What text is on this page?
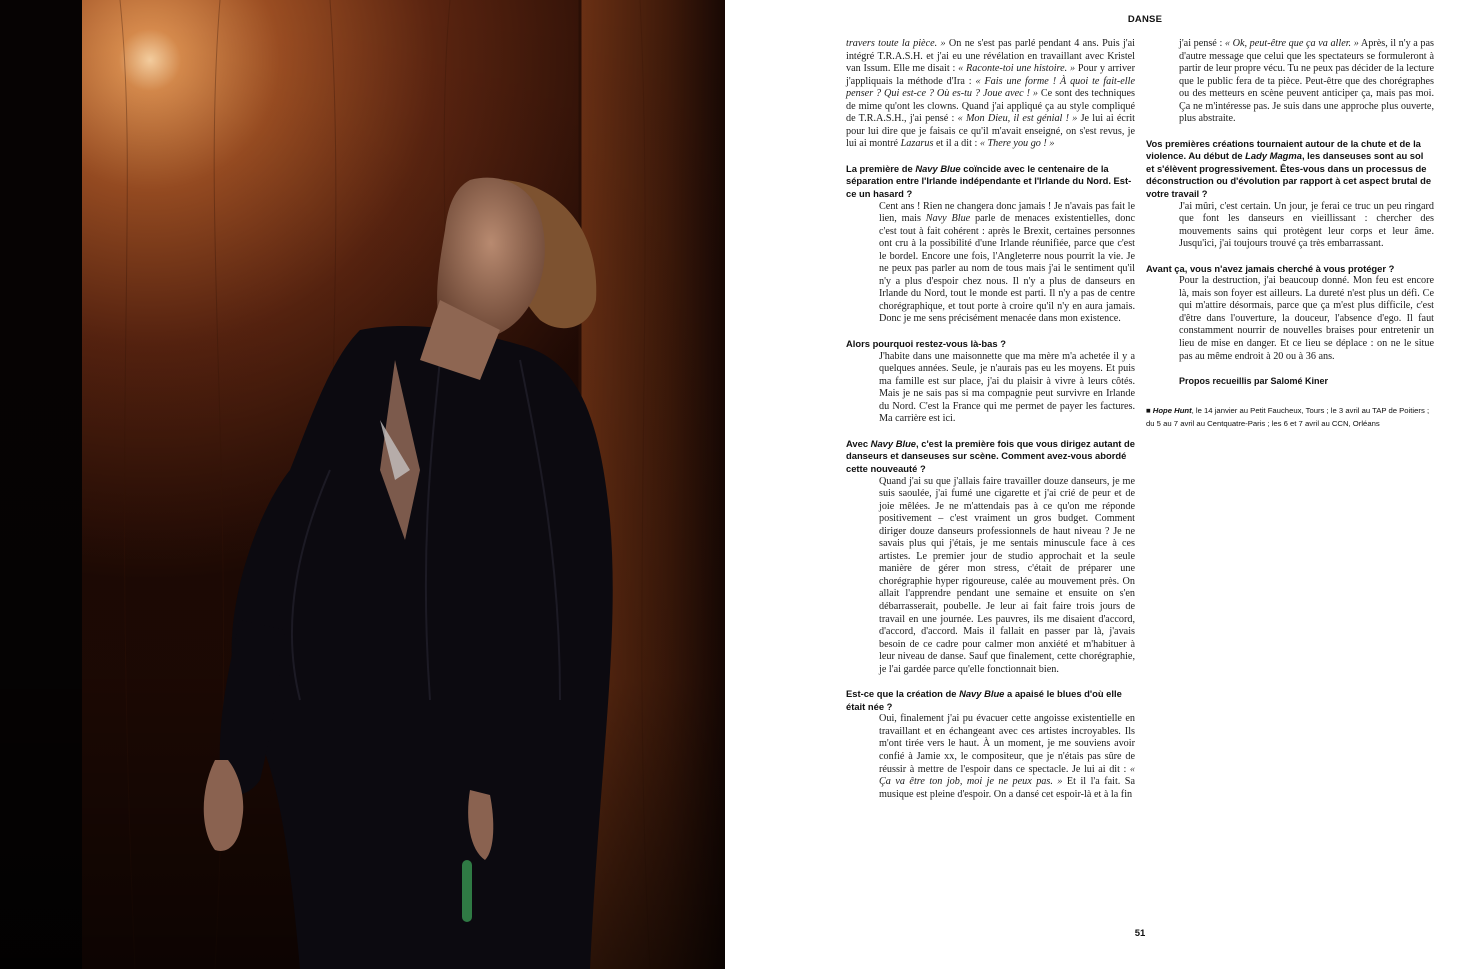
DANSE

travers toute la pièce. » On ne s'est pas parlé pendant 4 ans. Puis j'ai intégré T.R.A.S.H. et j'ai eu une révélation en travaillant avec Kristel van Issum. Elle me disait : « Raconte-toi une histoire. » Pour y arriver j'appliquais la méthode d'Ira : « Fais une forme ! À quoi te fait-elle penser ? Qui est-ce ? Où es-tu ? Joue avec ! » Ce sont des techniques de mime qu'ont les clowns. Quand j'ai appliqué ça au style compliqué de T.R.A.S.H., j'ai pensé : « Mon Dieu, il est génial ! » Je lui ai écrit pour lui dire que je faisais ce qu'il m'avait enseigné, on s'est revus, je lui ai montré Lazarus et il a dit : « There you go ! »

La première de Navy Blue coïncide avec le centenaire de la séparation entre l'Irlande indépendante et l'Irlande du Nord. Est-ce un hasard ?

Cent ans ! Rien ne changera donc jamais ! Je n'avais pas fait le lien, mais Navy Blue parle de menaces existentielles, donc c'est tout à fait cohérent : après le Brexit, certaines personnes ont cru à la possibilité d'une Irlande réunifiée, parce que c'est le bordel. Encore une fois, l'Angleterre nous pourrit la vie. Je ne peux pas parler au nom de tous mais j'ai le sentiment qu'il n'y a plus d'espoir chez nous. Il n'y a plus de danseurs en Irlande du Nord, tout le monde est parti. Il n'y a pas de centre chorégraphique, et tout porte à croire qu'il n'y en aura jamais. Donc je me sens précisément menacée dans mon existence.

Alors pourquoi restez-vous là-bas ?

J'habite dans une maisonnette que ma mère m'a achetée il y a quelques années. Seule, je n'aurais pas eu les moyens. Et puis ma famille est sur place, j'ai du plaisir à vivre à leurs côtés. Mais je ne sais pas si ma compagnie peut survivre en Irlande du Nord. C'est la France qui me permet de payer les factures. Ma carrière est ici.

Avec Navy Blue, c'est la première fois que vous dirigez autant de danseurs et danseuses sur scène. Comment avez-vous abordé cette nouveauté ?

Quand j'ai su que j'allais faire travailler douze danseurs, je me suis saoulée, j'ai fumé une cigarette et j'ai crié de peur et de joie mêlées. Je ne m'attendais pas à ce qu'on me réponde positivement – c'est vraiment un gros budget. Comment diriger douze danseurs professionnels de haut niveau ? Je ne savais plus qui j'étais, je me sentais minuscule face à ces artistes. Le premier jour de studio approchait et la seule manière de gérer mon stress, c'était de préparer une chorégraphie hyper rigoureuse, calée au mouvement près. On allait l'apprendre pendant une semaine et ensuite on s'en débarrasserait, poubelle. Je leur ai fait faire trois jours de travail en une journée. Les pauvres, ils me disaient d'accord, d'accord, d'accord. Mais il fallait en passer par là, j'avais besoin de ce cadre pour calmer mon anxiété et m'habituer à leur niveau de danse. Sauf que finalement, cette chorégraphie, je l'ai gardée parce qu'elle fonctionnait bien.

Est-ce que la création de Navy Blue a apaisé le blues d'où elle était née ?

Oui, finalement j'ai pu évacuer cette angoisse existentielle en travaillant et en échangeant avec ces artistes incroyables. Ils m'ont tirée vers le haut. À un moment, je me souviens avoir confié à Jamie xx, le compositeur, que je n'étais pas sûre de réussir à mettre de l'espoir dans ce spectacle. Je lui ai dit : « Ça va être ton job, moi je ne peux pas. » Et il l'a fait. Sa musique est pleine d'espoir. On a dansé cet espoir-là et à la fin

j'ai pensé : « Ok, peut-être que ça va aller. » Après, il n'y a pas d'autre message que celui que les spectateurs se formuleront à partir de leur propre vécu. Tu ne peux pas décider de la lecture que le public fera de ta pièce. Peut-être que des chorégraphes ou des metteurs en scène peuvent anticiper ça, mais pas moi. Ça ne m'intéresse pas. Je suis dans une approche plus ouverte, plus abstraite.

Vos premières créations tournaient autour de la chute et de la violence. Au début de Lady Magma, les danseuses sont au sol et s'élèvent progressivement. Êtes-vous dans un processus de déconstruction ou d'évolution par rapport à cet aspect brutal de votre travail ?

J'ai mûri, c'est certain. Un jour, je ferai ce truc un peu ringard que font les danseurs en vieillissant : chercher des mouvements sains qui protègent leur corps et leur âme. Jusqu'ici, j'ai toujours trouvé ça très embarrassant.

Avant ça, vous n'avez jamais cherché à vous protéger ?

Pour la destruction, j'ai beaucoup donné. Mon feu est encore là, mais son foyer est ailleurs. La dureté n'est plus un défi. Ce qui m'attire désormais, parce que ça m'est plus difficile, c'est d'être dans l'ouverture, la douceur, l'absence d'ego. Il faut constamment nourrir de nouvelles braises pour entretenir un lieu de mise en danger. Et ce lieu se déplace : on ne le situe pas au même endroit à 20 ou à 36 ans.

Propos recueillis par Salomé Kiner

■ Hope Hunt, le 14 janvier au Petit Faucheux, Tours ; le 3 avril au TAP de Poitiers ; du 5 au 7 avril au Centquatre-Paris ; les 6 et 7 avril au CCN, Orléans

51
